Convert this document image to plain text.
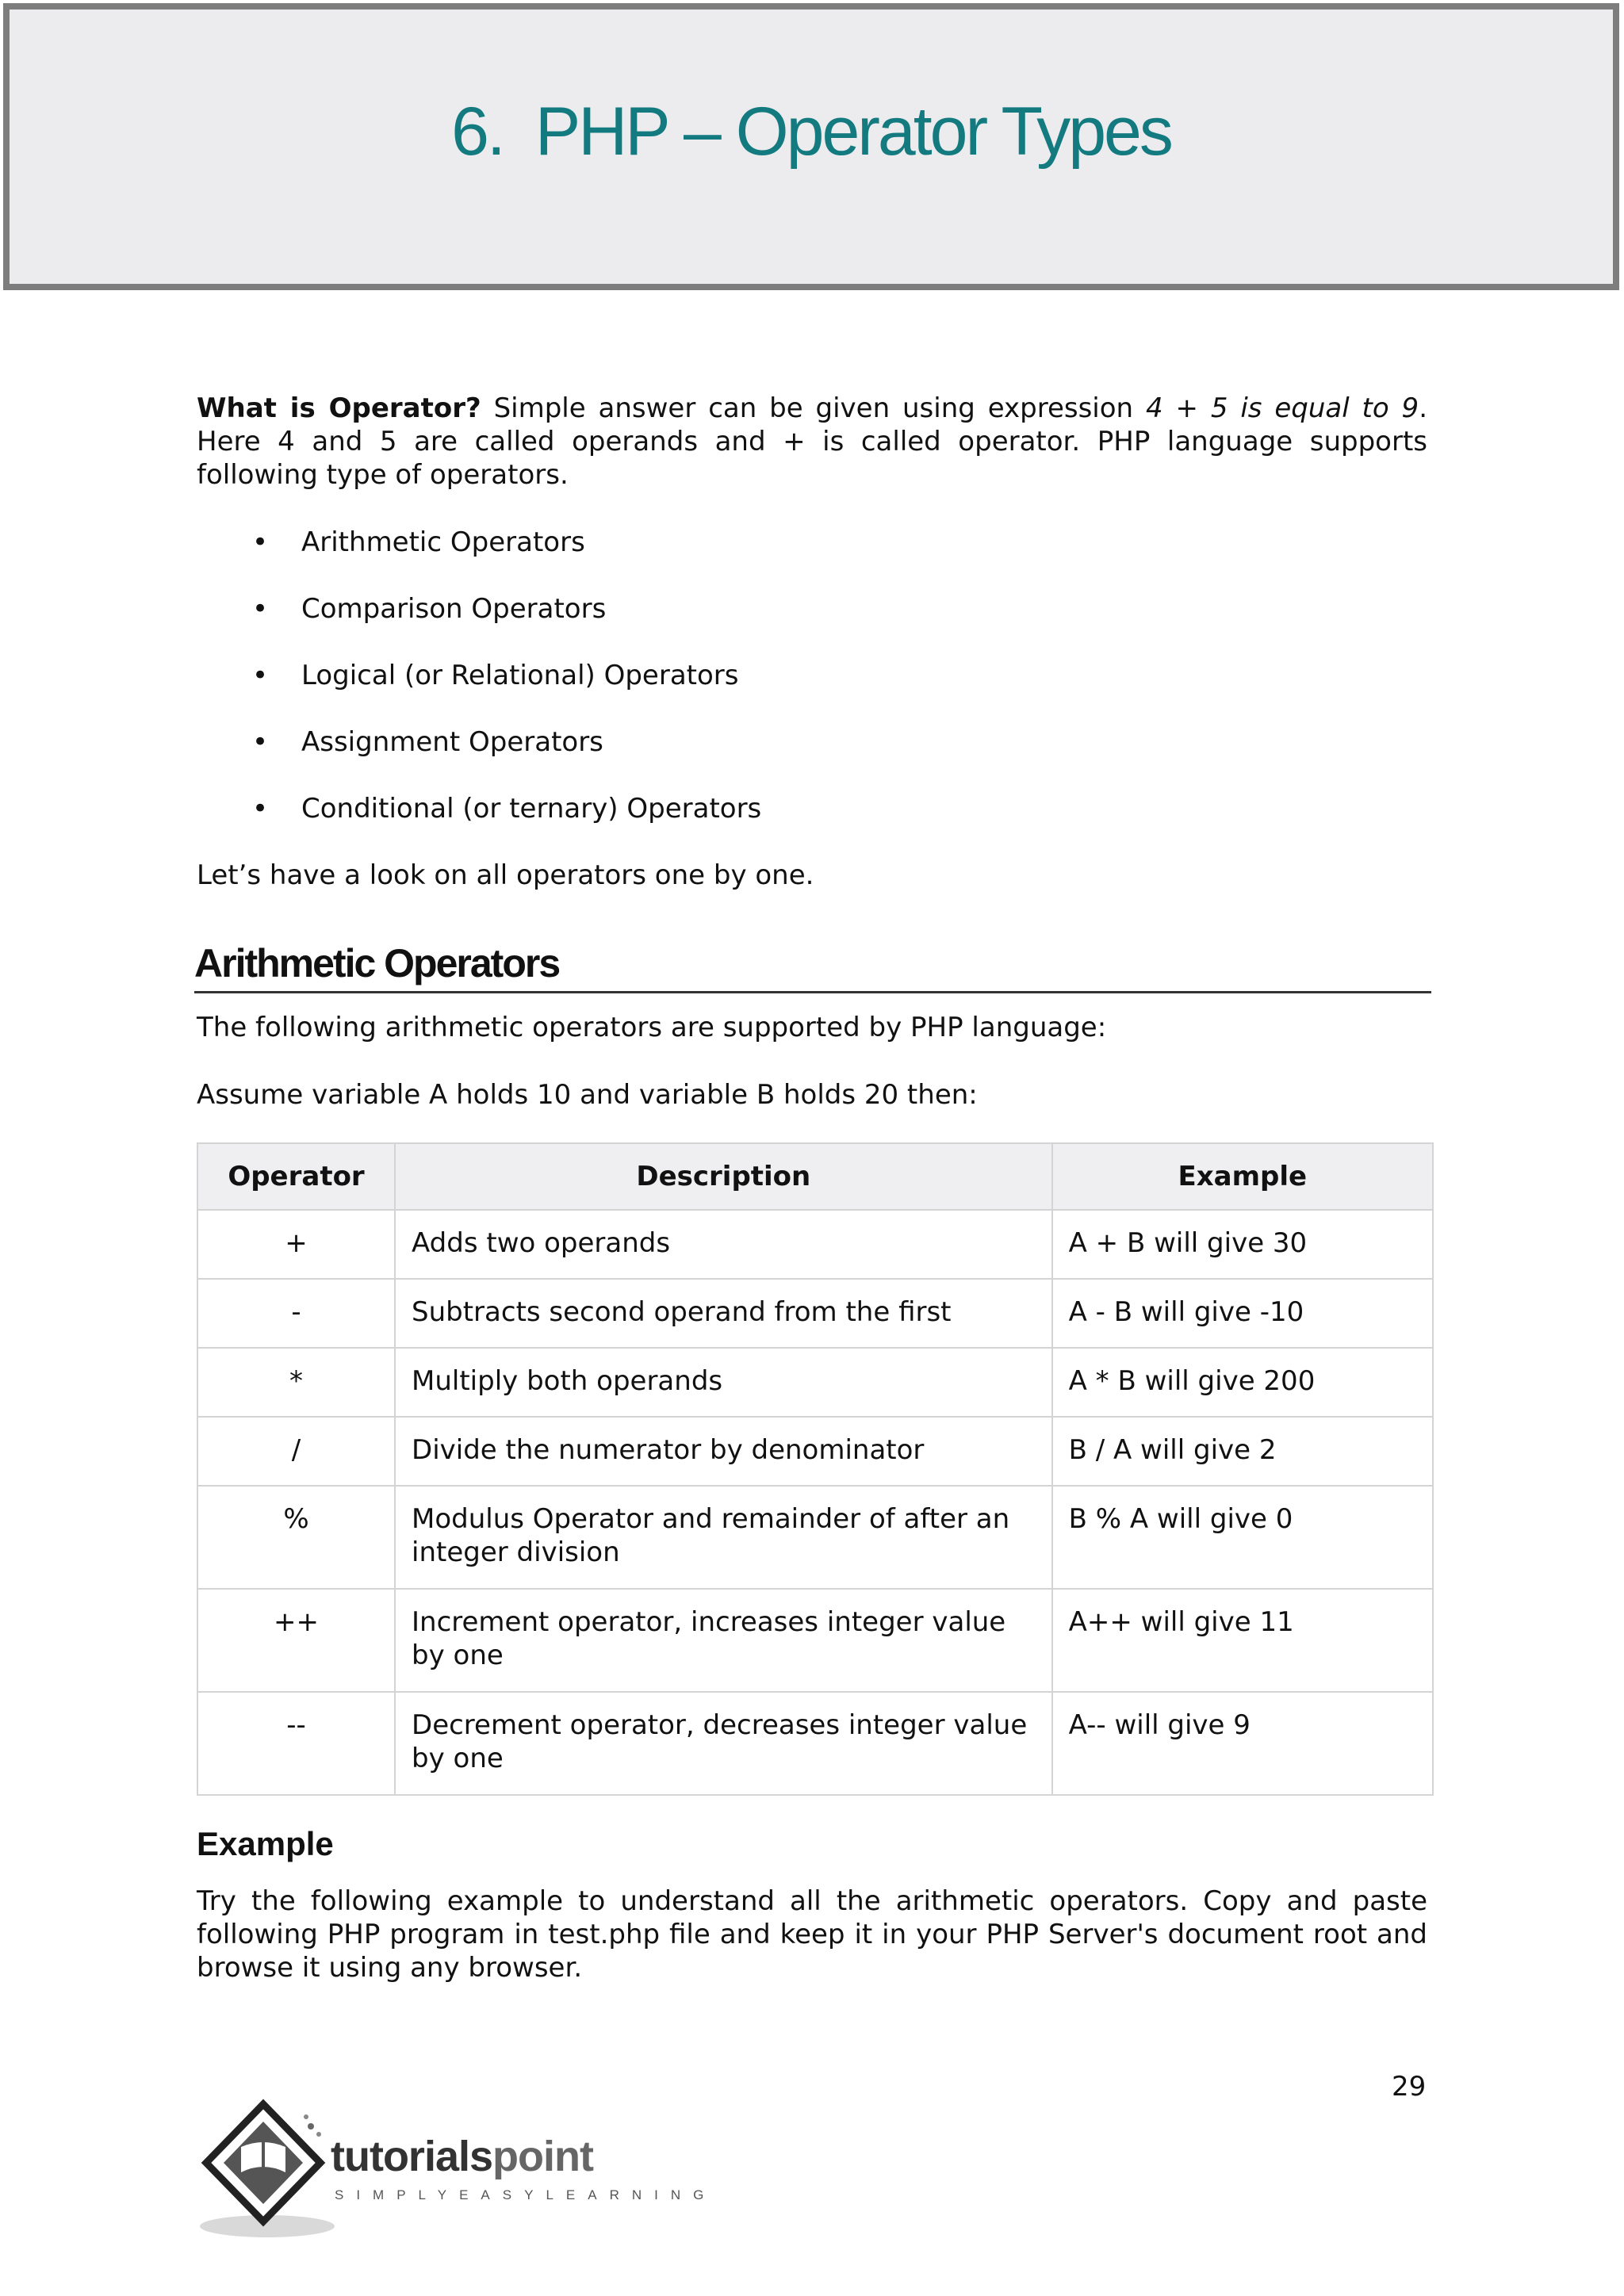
6. PHP – Operator Types
What is Operator? Simple answer can be given using expression 4 + 5 is equal to 9. Here 4 and 5 are called operands and + is called operator. PHP language supports following type of operators.
• Arithmetic Operators
• Comparison Operators
• Logical (or Relational) Operators
• Assignment Operators
• Conditional (or ternary) Operators
Let’s have a look on all operators one by one.
Arithmetic Operators
The following arithmetic operators are supported by PHP language:
Assume variable A holds 10 and variable B holds 20 then:
Operator	Description	Example
+	Adds two operands	A + B will give 30
-	Subtracts second operand from the first	A - B will give -10
*	Multiply both operands	A * B will give 200
/	Divide the numerator by denominator	B / A will give 2
%	Modulus Operator and remainder of after an integer division	B % A will give 0
++	Increment operator, increases integer value by one	A++ will give 11
--	Decrement operator, decreases integer value by one	A-- will give 9
Example
Try the following example to understand all the arithmetic operators. Copy and paste following PHP program in test.php file and keep it in your PHP Server's document root and browse it using any browser.
29
tutorialspoint
SIMPLYEASYLEARNING
